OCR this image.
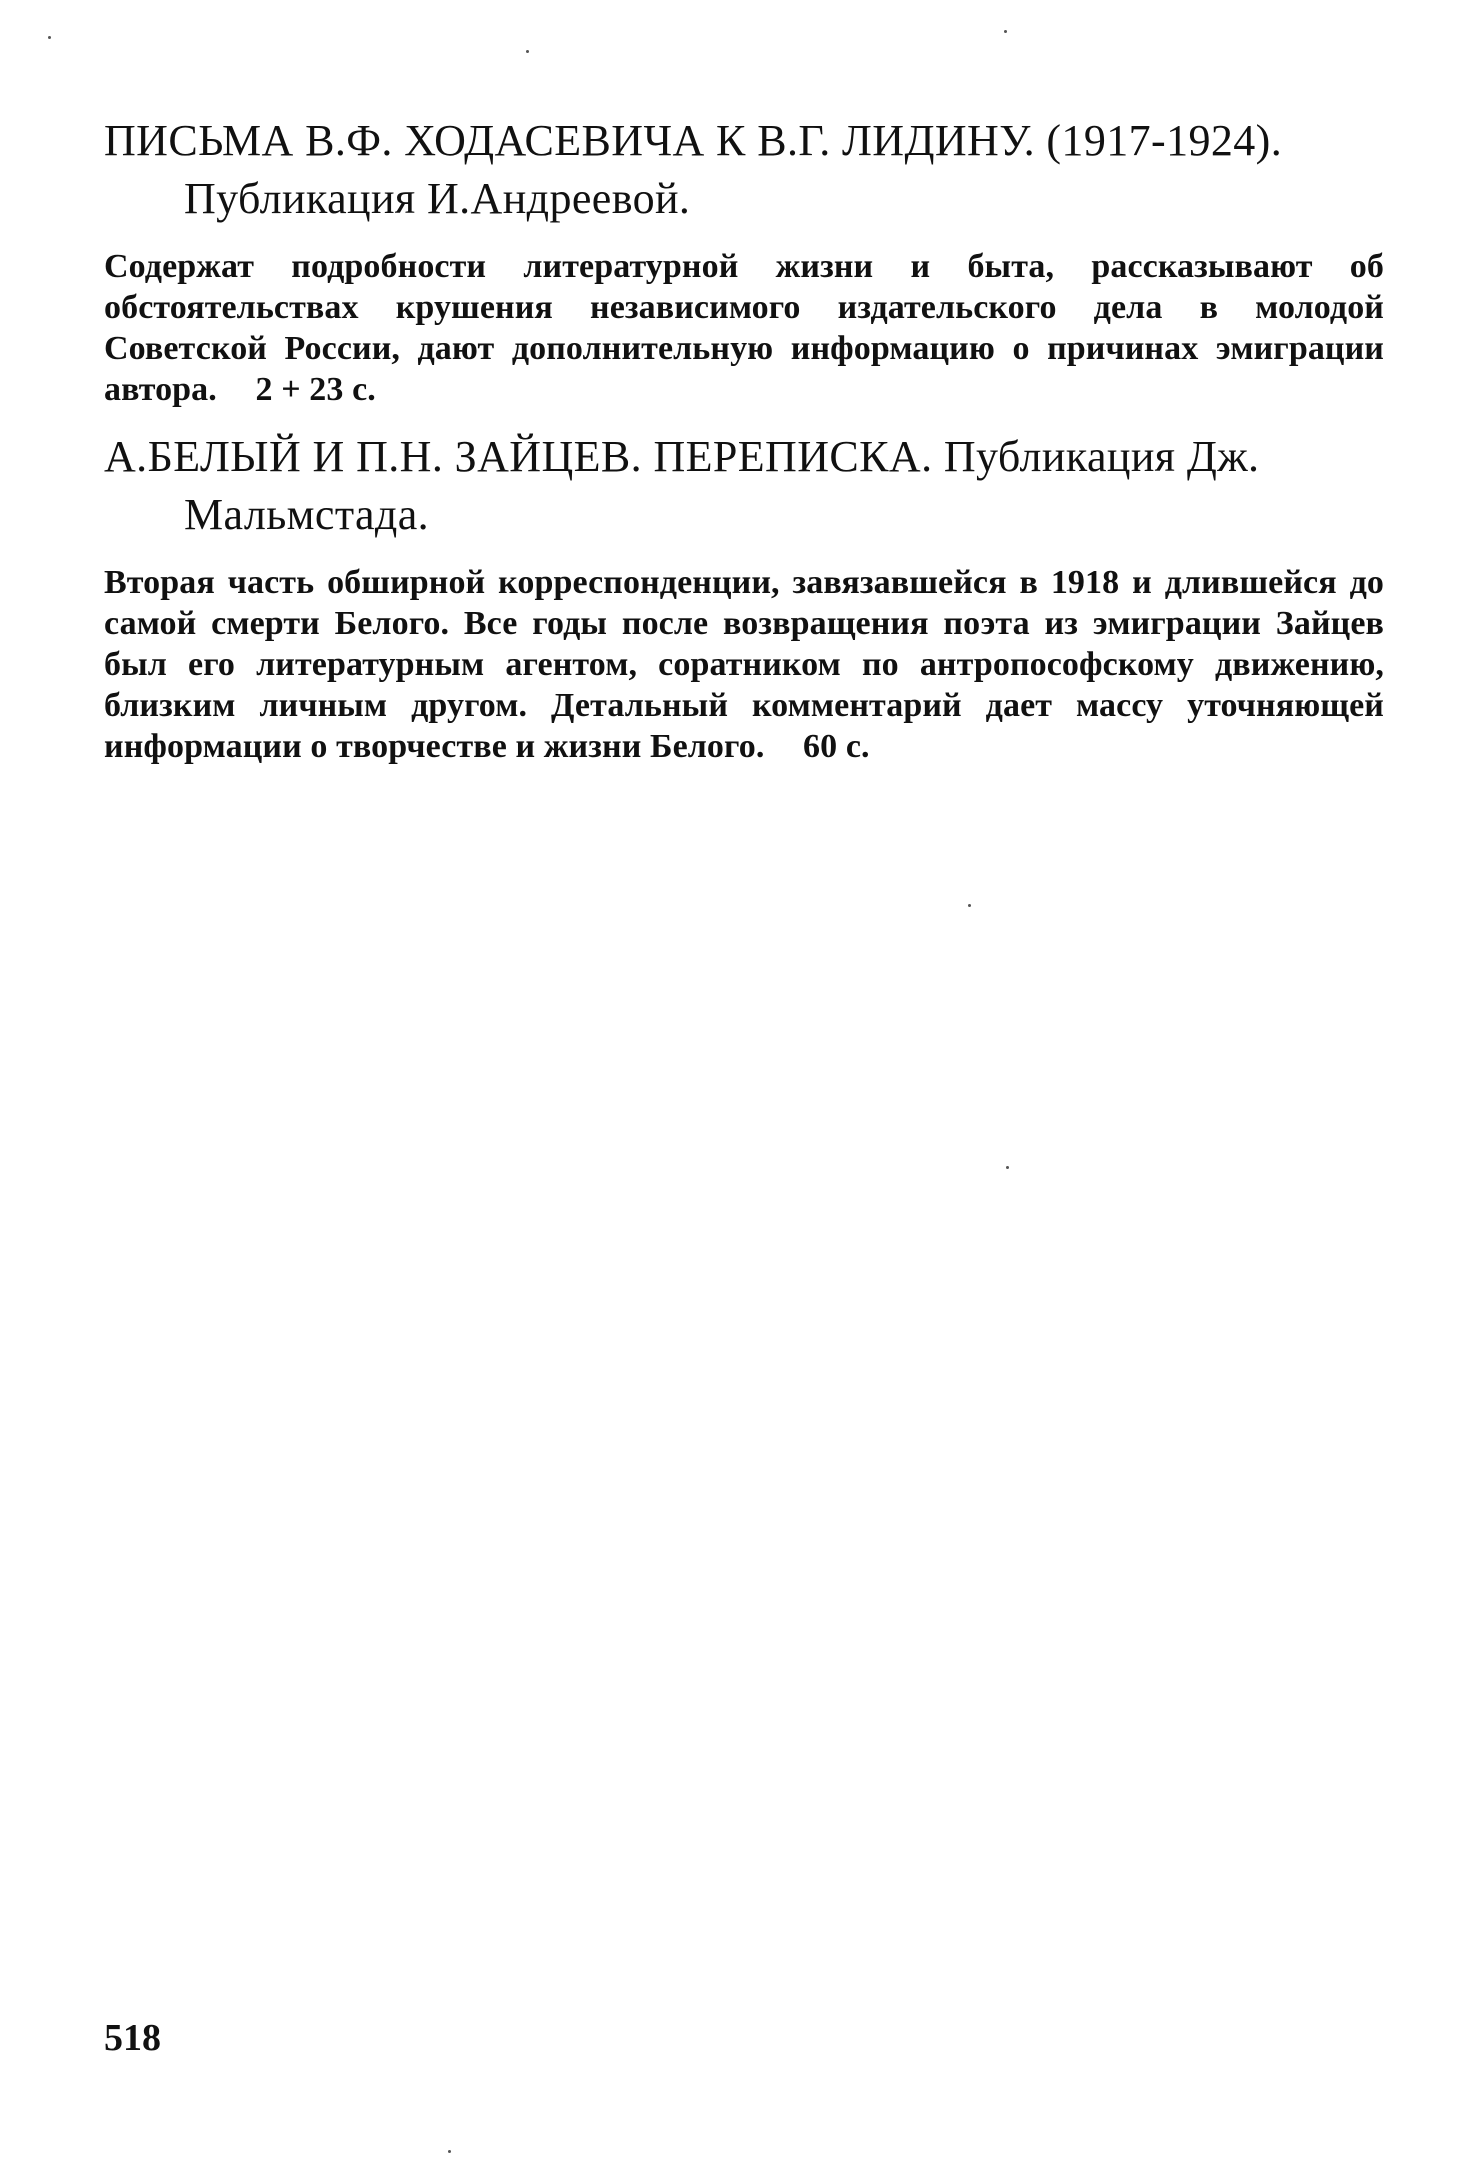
ПИСЬМА В.Ф. ХОДАСЕВИЧА К В.Г. ЛИДИНУ. (1917-1924).
Публикация И.Андреевой.
Содержат подробности литературной жизни и быта, рассказывают об обстоятельствах крушения независимого издательского дела в молодой Советской России, дают дополнительную информацию о причинах эмиграции автора. 2 + 23 с.
А.БЕЛЫЙ И П.Н. ЗАЙЦЕВ. ПЕРЕПИСКА. Публикация Дж.
Мальмстада.
Вторая часть обширной корреспонденции, завязавшейся в 1918 и длившейся до самой смерти Белого. Все годы после возвращения поэта из эмиграции Зайцев был его литературным агентом, соратником по антропософскому движению, близким личным другом. Детальный комментарий дает массу уточняющей информации о творчестве и жизни Белого. 60 с.
518
